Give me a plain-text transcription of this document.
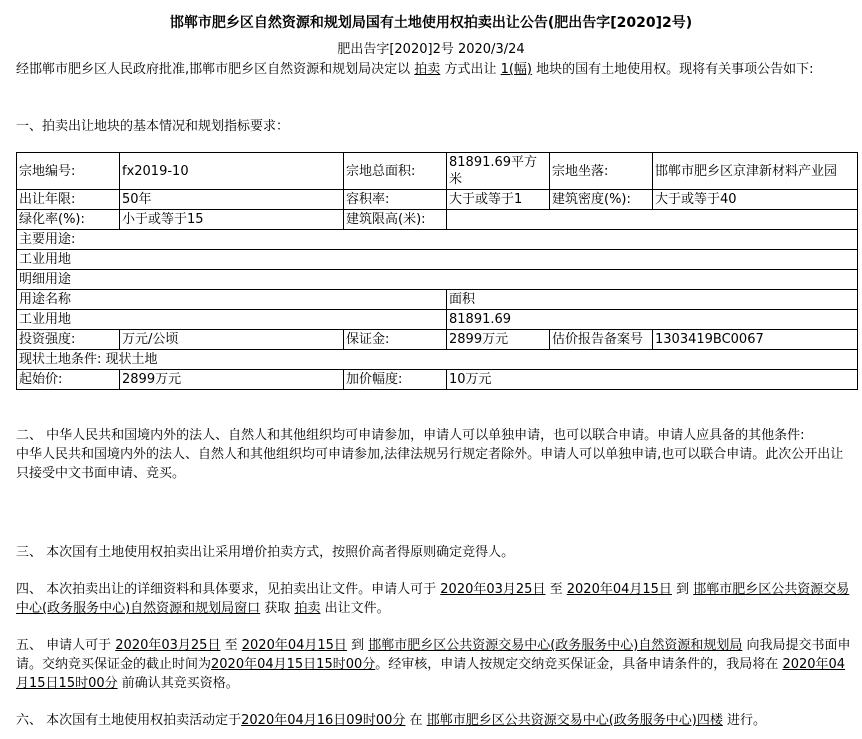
邯郸市肥乡区自然资源和规划局国有土地使用权拍卖出让公告(肥出告字[2020]2号)
肥出告字[2020]2号 2020/3/24
经邯郸市肥乡区人民政府批准,邯郸市肥乡区自然资源和规划局决定以 拍卖 方式出让 1(幅) 地块的国有土地使用权。现将有关事项公告如下:
一、拍卖出让地块的基本情况和规划指标要求：
宗地编号:	fx2019-10	宗地总面积:	81891.69平方米	宗地坐落:	邯郸市肥乡区京津新材料产业园
出让年限:	50年	容积率:	大于或等于1	建筑密度(%):	大于或等于40
绿化率(%):	小于或等于15	建筑限高(米):			
主要用途:					
工业用地					
明细用途					
用途名称			面积		
工业用地			81891.69		
投资强度:	万元/公顷	保证金:	2899万元	估价报告备案号	1303419BC0067
现状土地条件: 现状土地					
起始价:	2899万元	加价幅度:	10万元		
二、 中华人民共和国境内外的法人、自然人和其他组织均可申请参加，申请人可以单独申请，也可以联合申请。申请人应具备的其他条件:
中华人民共和国境内外的法人、自然人和其他组织均可申请参加,法律法规另行规定者除外。申请人可以单独申请,也可以联合申请。此次公开出让只接受中文书面申请、竞买。
三、 本次国有土地使用权拍卖出让采用增价拍卖方式，按照价高者得原则确定竞得人。
四、 本次拍卖出让的详细资料和具体要求，见拍卖出让文件。申请人可于 2020年03月25日 至 2020年04月15日 到 邯郸市肥乡区公共资源交易中心(政务服务中心)自然资源和规划局窗口 获取 拍卖 出让文件。
五、 申请人可于 2020年03月25日 至 2020年04月15日 到 邯郸市肥乡区公共资源交易中心(政务服务中心)自然资源和规划局 向我局提交书面申请。交纳竞买保证金的截止时间为2020年04月15日15时00分。经审核，申请人按规定交纳竞买保证金，具备申请条件的，我局将在 2020年04月15日15时00分 前确认其竞买资格。
六、 本次国有土地使用权拍卖活动定于2020年04月16日09时00分 在 邯郸市肥乡区公共资源交易中心(政务服务中心)四楼 进行。
